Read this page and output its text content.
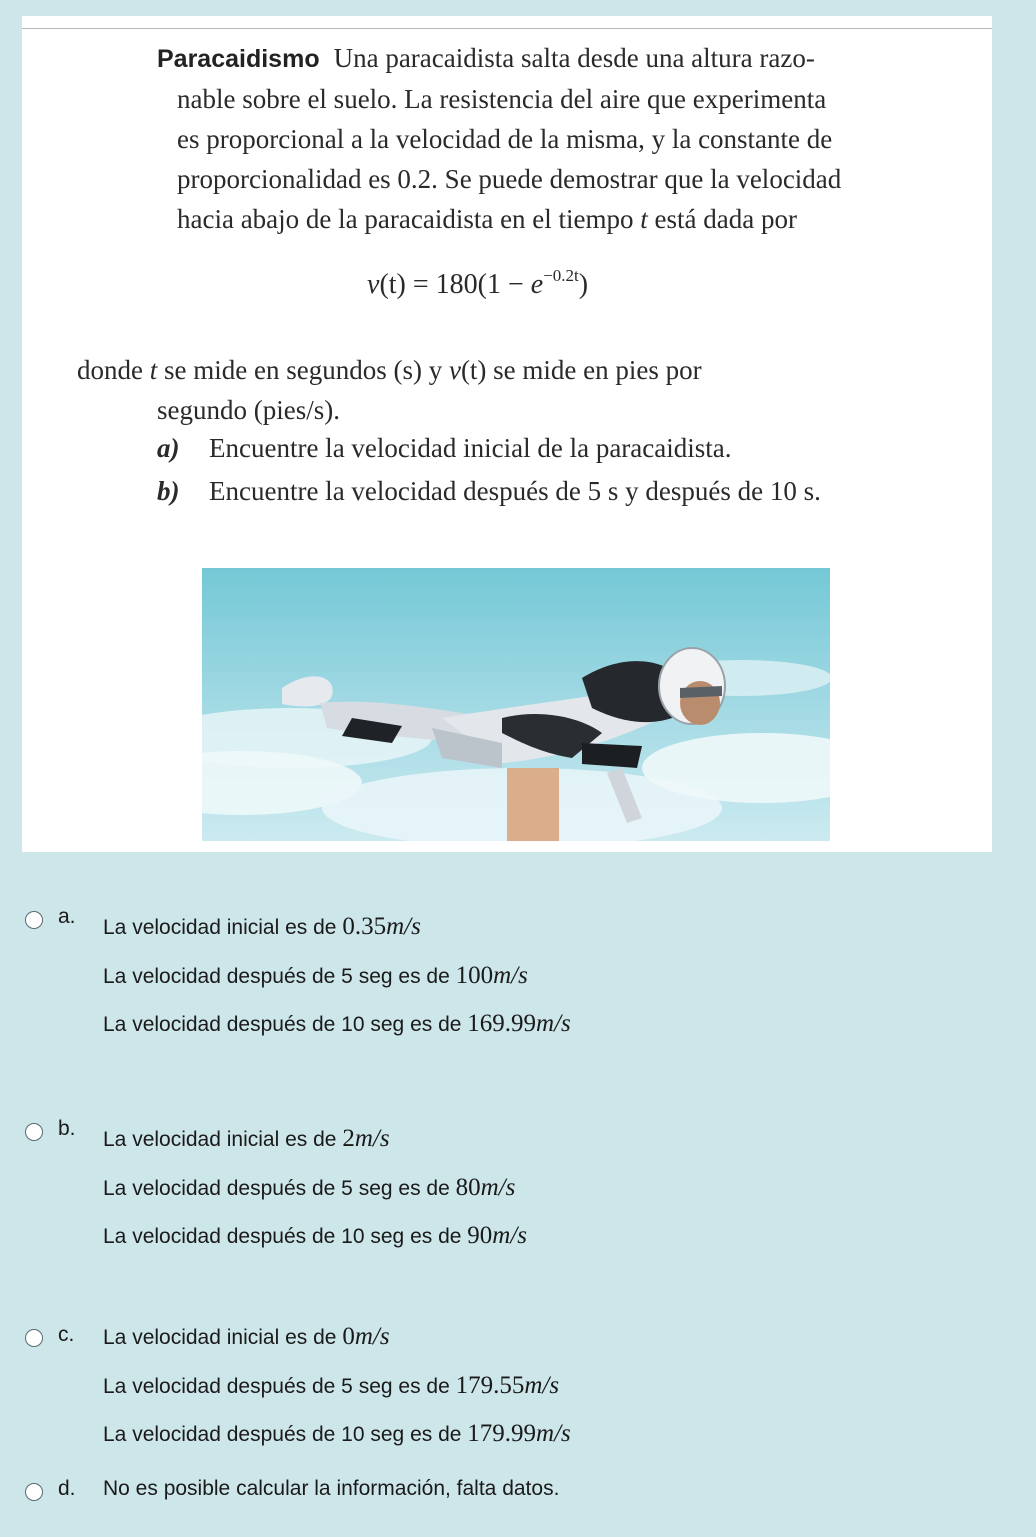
Paracaidismo Una paracaidista salta desde una altura razo-
nable sobre el suelo. La resistencia del aire que experimenta
es proporcional a la velocidad de la misma, y la constante de
proporcionalidad es 0.2. Se puede demostrar que la velocidad
hacia abajo de la paracaidista en el tiempo t está dada por
$v(t) = 180(1 - e^{-0.2t})$
donde t se mide en segundos (s) y v(t) se mide en pies por
segundo (pies/s).
a) Encuentre la velocidad inicial de la paracaidista.
b) Encuentre la velocidad después de 5 s y después de 10 s.
a. La velocidad inicial es de 0.35m/s
La velocidad después de 5 seg es de 100m/s
La velocidad después de 10 seg es de 169.99m/s
b. La velocidad inicial es de 2m/s
La velocidad después de 5 seg es de 80m/s
La velocidad después de 10 seg es de 90m/s
c. La velocidad inicial es de 0m/s
La velocidad después de 5 seg es de 179.55m/s
La velocidad después de 10 seg es de 179.99m/s
d. No es posible calcular la información, falta datos.
